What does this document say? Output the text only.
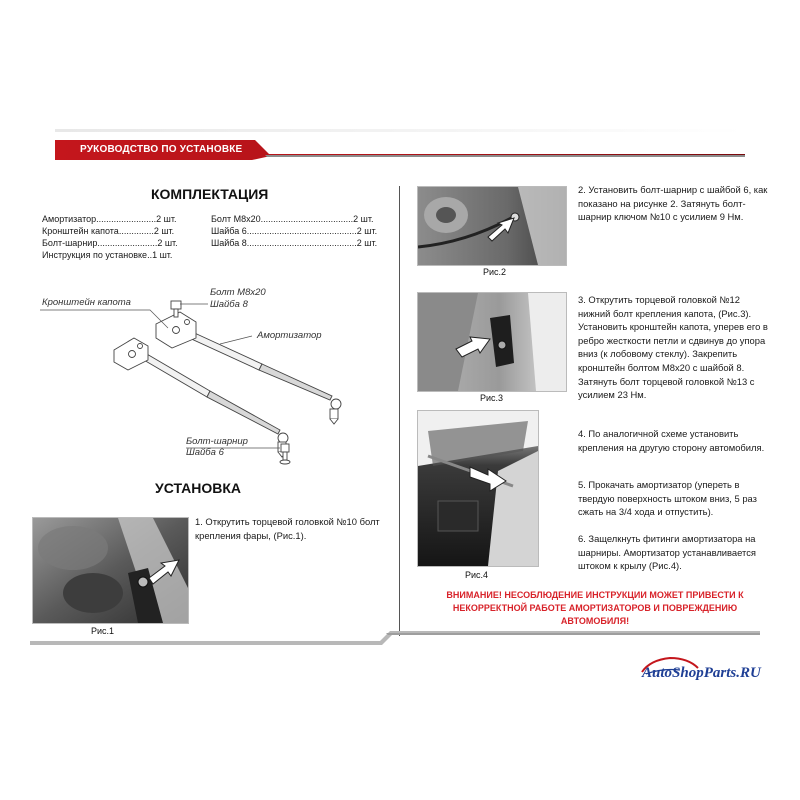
РУКОВОДСТВО ПО УСТАНОВКЕ
КОМПЛЕКТАЦИЯ
Амортизатор........................2 шт.
Кронштейн капота..............2 шт.
Болт-шарнир........................2 шт.
Инструкция по установке..1 шт.
Болт М8х20.....................................2 шт.
Шайба 6............................................2 шт.
Шайба 8............................................2 шт.
Кронштейн капота
Болт М8х20
Шайба 8
Амортизатор
Болт-шарнир
Шайба 6
УСТАНОВКА
Рис.1
1. Открутить торцевой головкой №10 болт крепления фары, (Рис.1).
Рис.2
2. Установить болт-шарнир с шайбой 6, как показано на рисунке 2. Затянуть болт-шарнир ключом №10 с усилием 9 Нм.
Рис.3
3. Открутить торцевой головкой №12 нижний болт крепления капота, (Рис.3). Установить кронштейн капота, уперев его в ребро жесткости петли и сдвинув до упора вниз (к лобовому стеклу). Закрепить кронштейн болтом М8х20 с шайбой 8. Затянуть болт торцевой головкой №13 с усилием 23 Нм.
Рис.4
4. По аналогичной схеме установить крепления на другую сторону автомобиля.
5. Прокачать амортизатор (упереть в твердую поверхность штоком вниз, 5 раз сжать на 3/4 хода и отпустить).
6. Защелкнуть фитинги амортизатора на шарниры. Амортизатор устанавливается штоком к крылу (Рис.4).
ВНИМАНИЕ! НЕСОБЛЮДЕНИЕ ИНСТРУКЦИИ МОЖЕТ ПРИВЕСТИ К НЕКОРРЕКТНОЙ РАБОТЕ АМОРТИЗАТОРОВ И ПОВРЕЖДЕНИЮ АВТОМОБИЛЯ!
AutoShopParts.RU
